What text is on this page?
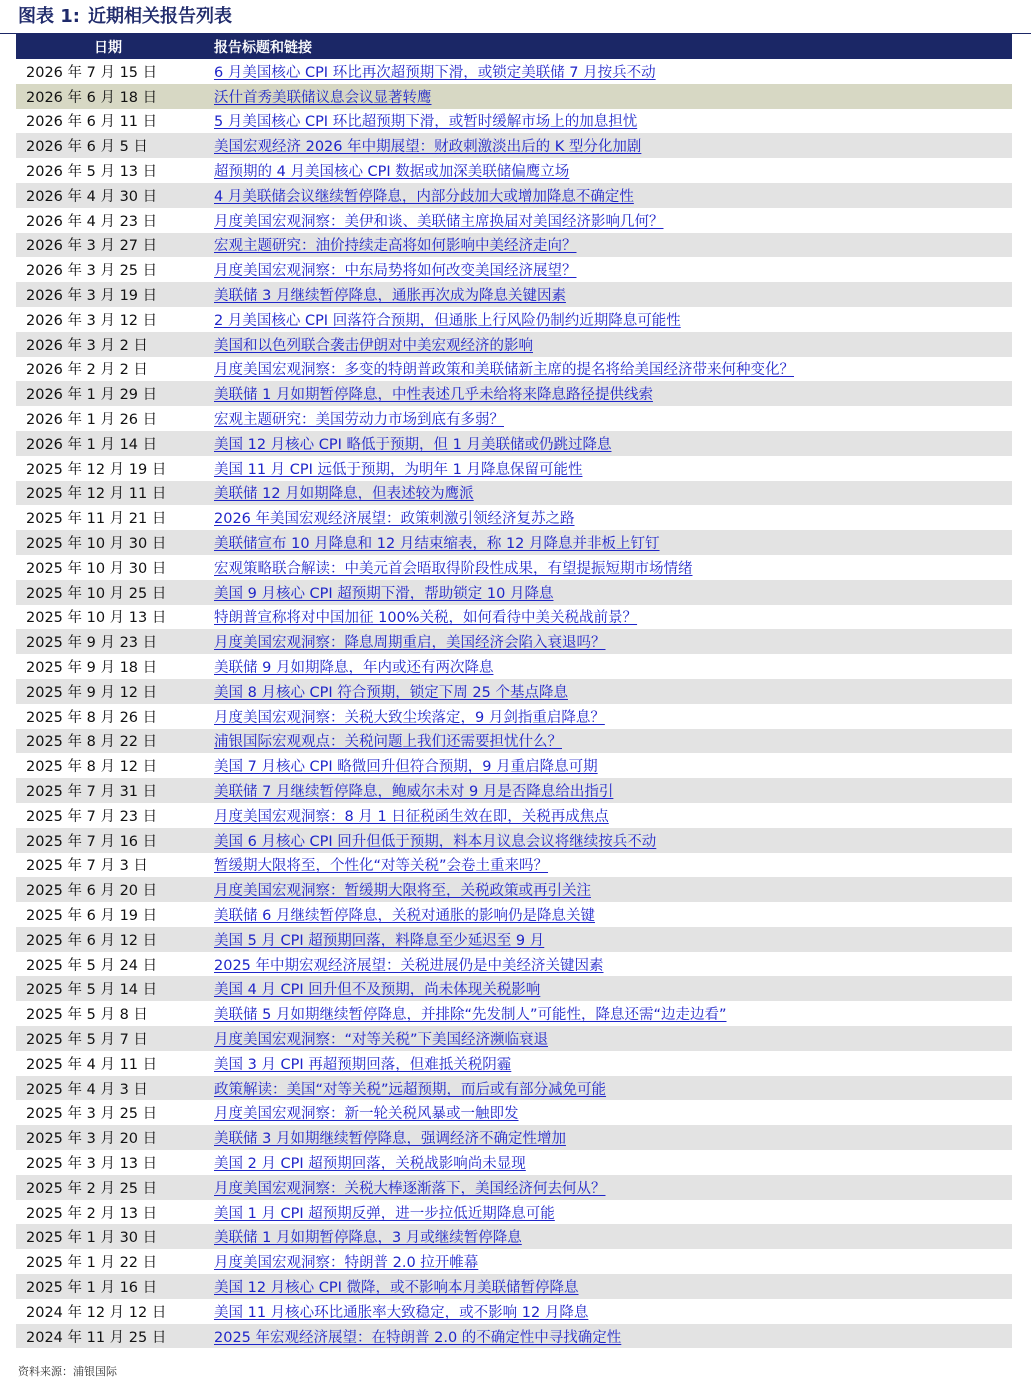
图表 1: 近期相关报告列表
日期	报告标题和链接
2026 年 7 月 15 日	6 月美国核心 CPI 环比再次超预期下滑，或锁定美联储 7 月按兵不动
2026 年 6 月 18 日	沃什首秀美联储议息会议显著转鹰
2026 年 6 月 11 日	5 月美国核心 CPI 环比超预期下滑，或暂时缓解市场上的加息担忧
2026 年 6 月 5 日	美国宏观经济 2026 年中期展望：财政刺激淡出后的 K 型分化加剧
2026 年 5 月 13 日	超预期的 4 月美国核心 CPI 数据或加深美联储偏鹰立场
2026 年 4 月 30 日	4 月美联储会议继续暂停降息，内部分歧加大或增加降息不确定性
2026 年 4 月 23 日	月度美国宏观洞察：美伊和谈、美联储主席换届对美国经济影响几何？
2026 年 3 月 27 日	宏观主题研究：油价持续走高将如何影响中美经济走向？
2026 年 3 月 25 日	月度美国宏观洞察：中东局势将如何改变美国经济展望？
2026 年 3 月 19 日	美联储 3 月继续暂停降息，通胀再次成为降息关键因素
2026 年 3 月 12 日	2 月美国核心 CPI 回落符合预期，但通胀上行风险仍制约近期降息可能性
2026 年 3 月 2 日	美国和以色列联合袭击伊朗对中美宏观经济的影响
2026 年 2 月 2 日	月度美国宏观洞察：多变的特朗普政策和美联储新主席的提名将给美国经济带来何种变化？
2026 年 1 月 29 日	美联储 1 月如期暂停降息，中性表述几乎未给将来降息路径提供线索
2026 年 1 月 26 日	宏观主题研究：美国劳动力市场到底有多弱？
2026 年 1 月 14 日	美国 12 月核心 CPI 略低于预期，但 1 月美联储或仍跳过降息
2025 年 12 月 19 日	美国 11 月 CPI 远低于预期，为明年 1 月降息保留可能性
2025 年 12 月 11 日	美联储 12 月如期降息，但表述较为鹰派
2025 年 11 月 21 日	2026 年美国宏观经济展望：政策刺激引领经济复苏之路
2025 年 10 月 30 日	美联储宣布 10 月降息和 12 月结束缩表，称 12 月降息并非板上钉钉
2025 年 10 月 30 日	宏观策略联合解读：中美元首会晤取得阶段性成果，有望提振短期市场情绪
2025 年 10 月 25 日	美国 9 月核心 CPI 超预期下滑，帮助锁定 10 月降息
2025 年 10 月 13 日	特朗普宣称将对中国加征 100%关税，如何看待中美关税战前景？
2025 年 9 月 23 日	月度美国宏观洞察：降息周期重启，美国经济会陷入衰退吗？
2025 年 9 月 18 日	美联储 9 月如期降息，年内或还有两次降息
2025 年 9 月 12 日	美国 8 月核心 CPI 符合预期，锁定下周 25 个基点降息
2025 年 8 月 26 日	月度美国宏观洞察：关税大致尘埃落定，9 月剑指重启降息？
2025 年 8 月 22 日	浦银国际宏观观点：关税问题上我们还需要担忧什么？
2025 年 8 月 12 日	美国 7 月核心 CPI 略微回升但符合预期，9 月重启降息可期
2025 年 7 月 31 日	美联储 7 月继续暂停降息，鲍威尔未对 9 月是否降息给出指引
2025 年 7 月 23 日	月度美国宏观洞察：8 月 1 日征税函生效在即，关税再成焦点
2025 年 7 月 16 日	美国 6 月核心 CPI 回升但低于预期，料本月议息会议将继续按兵不动
2025 年 7 月 3 日	暂缓期大限将至，个性化“对等关税”会卷土重来吗？
2025 年 6 月 20 日	月度美国宏观洞察：暂缓期大限将至，关税政策或再引关注
2025 年 6 月 19 日	美联储 6 月继续暂停降息，关税对通胀的影响仍是降息关键
2025 年 6 月 12 日	美国 5 月 CPI 超预期回落，料降息至少延迟至 9 月
2025 年 5 月 24 日	2025 年中期宏观经济展望：关税进展仍是中美经济关键因素
2025 年 5 月 14 日	美国 4 月 CPI 回升但不及预期，尚未体现关税影响
2025 年 5 月 8 日	美联储 5 月如期继续暂停降息，并排除“先发制人”可能性，降息还需“边走边看”
2025 年 5 月 7 日	月度美国宏观洞察：“对等关税”下美国经济濒临衰退
2025 年 4 月 11 日	美国 3 月 CPI 再超预期回落，但难抵关税阴霾
2025 年 4 月 3 日	政策解读：美国“对等关税”远超预期，而后或有部分减免可能
2025 年 3 月 25 日	月度美国宏观洞察：新一轮关税风暴或一触即发
2025 年 3 月 20 日	美联储 3 月如期继续暂停降息，强调经济不确定性增加
2025 年 3 月 13 日	美国 2 月 CPI 超预期回落，关税战影响尚未显现
2025 年 2 月 25 日	月度美国宏观洞察：关税大棒逐渐落下，美国经济何去何从？
2025 年 2 月 13 日	美国 1 月 CPI 超预期反弹，进一步拉低近期降息可能
2025 年 1 月 30 日	美联储 1 月如期暂停降息，3 月或继续暂停降息
2025 年 1 月 22 日	月度美国宏观洞察：特朗普 2.0 拉开帷幕
2025 年 1 月 16 日	美国 12 月核心 CPI 微降，或不影响本月美联储暂停降息
2024 年 12 月 12 日	美国 11 月核心环比通胀率大致稳定，或不影响 12 月降息
2024 年 11 月 25 日	2025 年宏观经济展望：在特朗普 2.0 的不确定性中寻找确定性
资料来源：浦银国际
